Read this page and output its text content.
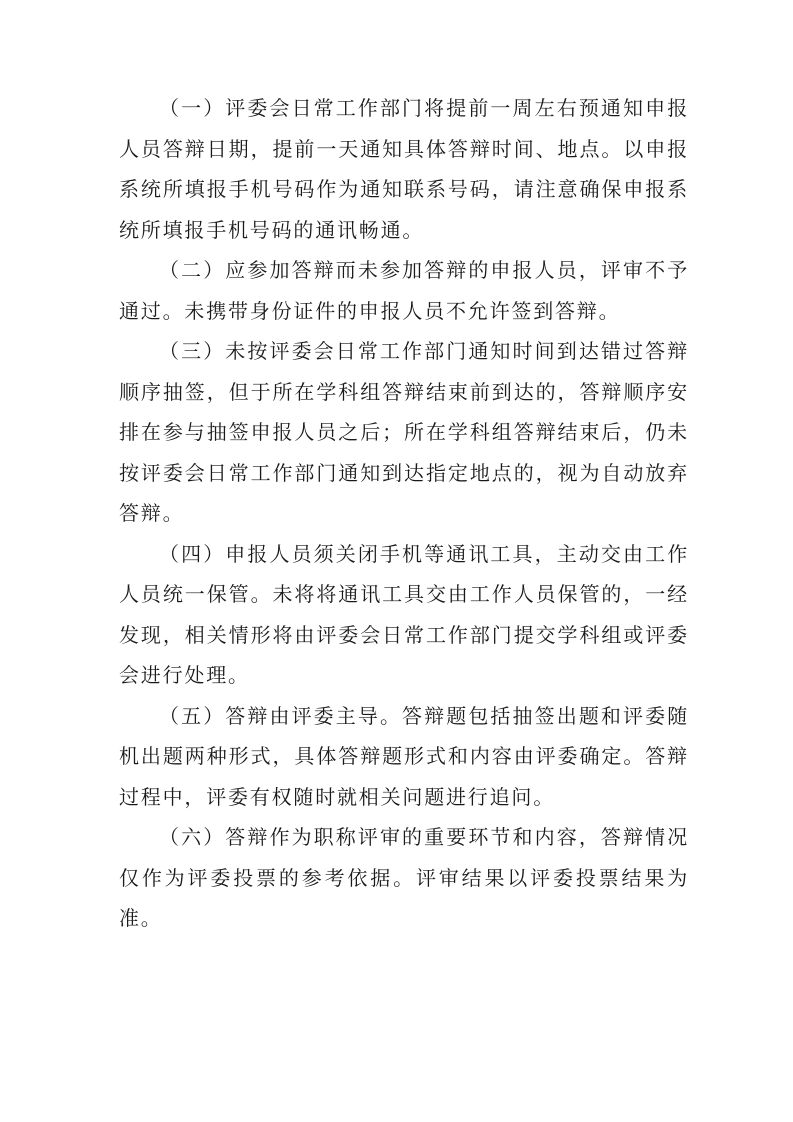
（一）评委会日常工作部门将提前一周左右预通知申报人员答辩日期，提前一天通知具体答辩时间、地点。以申报系统所填报手机号码作为通知联系号码，请注意确保申报系统所填报手机号码的通讯畅通。

（二）应参加答辩而未参加答辩的申报人员，评审不予通过。未携带身份证件的申报人员不允许签到答辩。

（三）未按评委会日常工作部门通知时间到达错过答辩顺序抽签，但于所在学科组答辩结束前到达的，答辩顺序安排在参与抽签申报人员之后；所在学科组答辩结束后，仍未按评委会日常工作部门通知到达指定地点的，视为自动放弃答辩。

（四）申报人员须关闭手机等通讯工具，主动交由工作人员统一保管。未将将通讯工具交由工作人员保管的，一经发现，相关情形将由评委会日常工作部门提交学科组或评委会进行处理。

（五）答辩由评委主导。答辩题包括抽签出题和评委随机出题两种形式，具体答辩题形式和内容由评委确定。答辩过程中，评委有权随时就相关问题进行追问。

（六）答辩作为职称评审的重要环节和内容，答辩情况仅作为评委投票的参考依据。评审结果以评委投票结果为准。
